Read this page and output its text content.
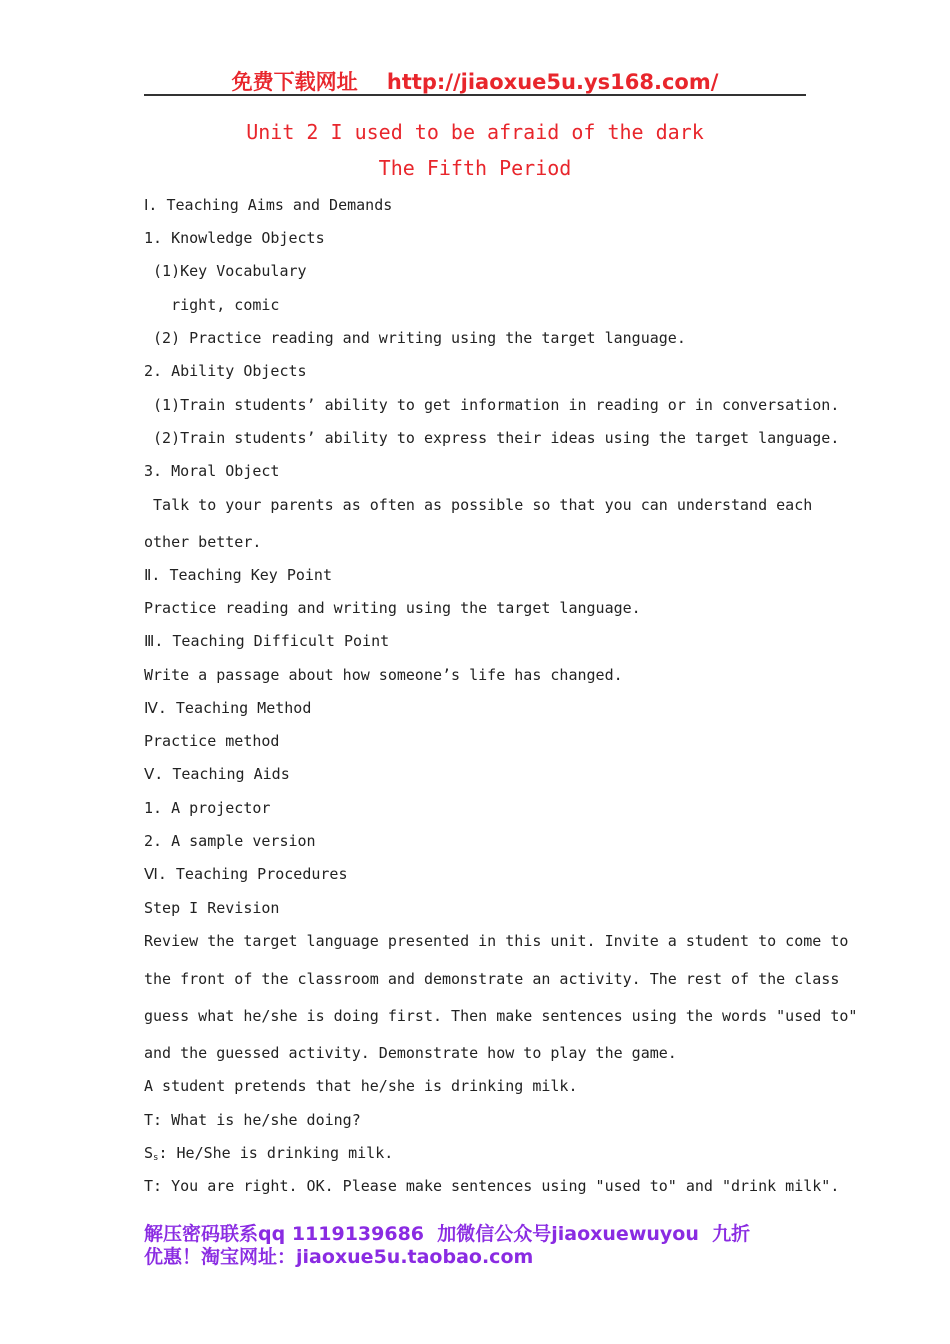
免费下载网址    http://jiaoxue5u.ys168.com/
Unit 2 I used to be afraid of the dark
The Fifth Period
Ⅰ. Teaching Aims and Demands
1. Knowledge Objects
(1)Key Vocabulary
right, comic
(2) Practice reading and writing using the target language.
2. Ability Objects
(1)Train students’ ability to get information in reading or in conversation.
(2)Train students’ ability to express their ideas using the target language.
3. Moral Object
Talk to your parents as often as possible so that you can understand each
other better.
Ⅱ. Teaching Key Point
Practice reading and writing using the target language.
Ⅲ. Teaching Difficult Point
Write a passage about how someone’s life has changed.
Ⅳ. Teaching Method
Practice method
Ⅴ. Teaching Aids
1. A projector
2. A sample version
Ⅵ. Teaching Procedures
Step I Revision
Review the target language presented in this unit. Invite a student to come to
the front of the classroom and demonstrate an activity. The rest of the class
guess what he/she is doing first. Then make sentences using the words "used to"
and the guessed activity. Demonstrate how to play the game.
A student pretends that he/she is drinking milk.
T: What is he/she doing?
$S_s$: He/She is drinking milk.
T: You are right. OK. Please make sentences using "used to" and "drink milk".
解压密码联系qq 1119139686  加微信公众号jiaoxuewuyou  九折
优惠！淘宝网址：jiaoxue5u.taobao.com
